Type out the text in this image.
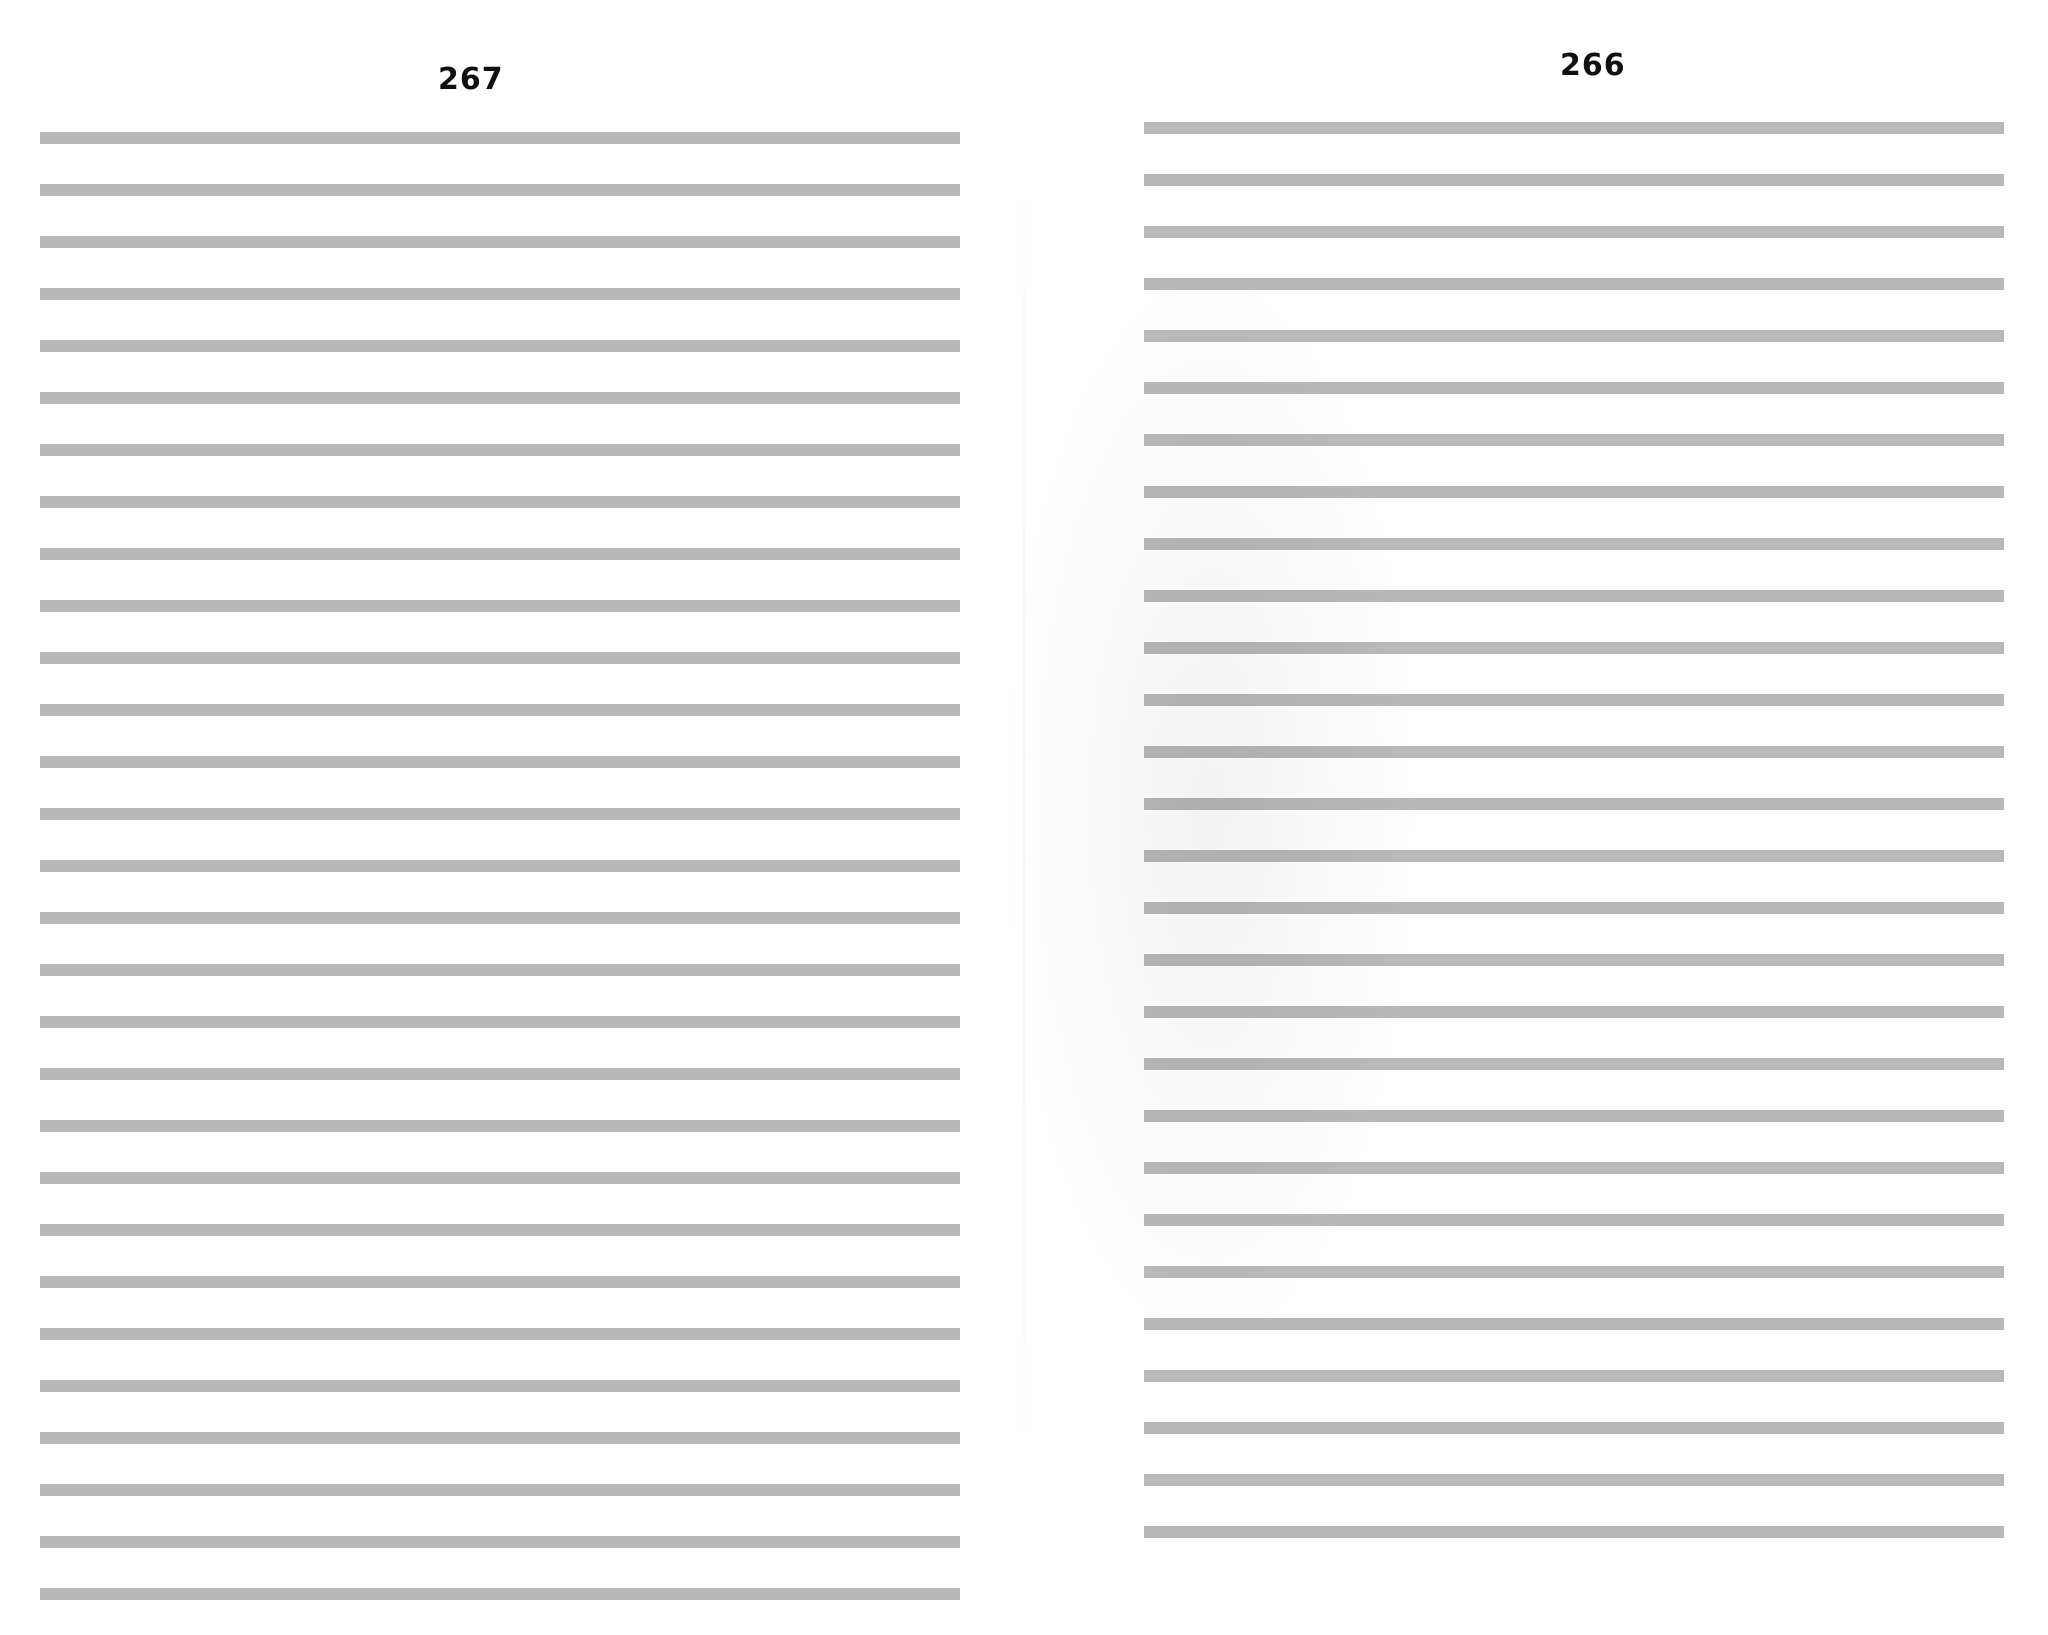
267	266
